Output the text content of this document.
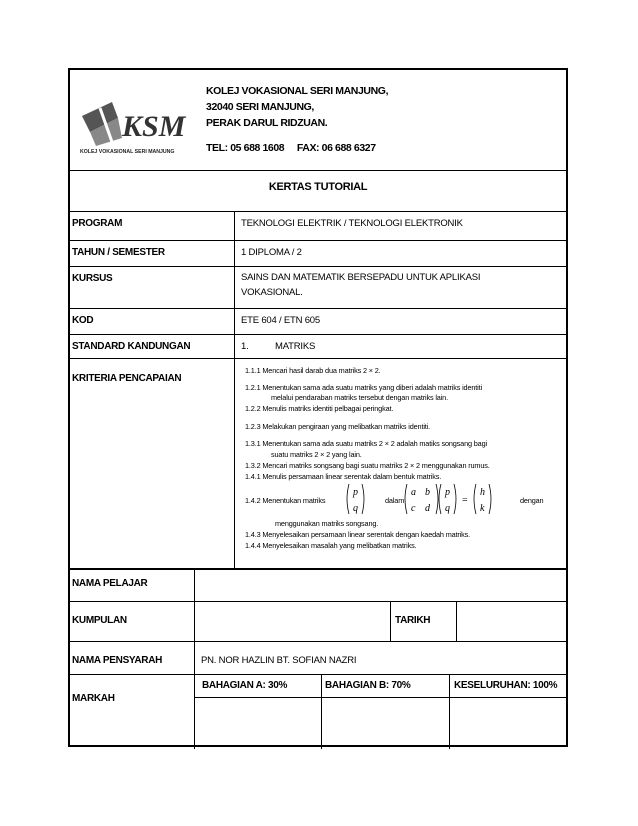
KSM
KOLEJ VOKASIONAL SERI MANJUNG
KOLEJ VOKASIONAL SERI MANJUNG,
32040 SERI MANJUNG,
PERAK DARUL RIDZUAN.
TEL: 05 688 1608     FAX: 06 688 6327
KERTAS TUTORIAL
PROGRAM	TEKNOLOGI ELEKTRIK / TEKNOLOGI ELEKTRONIK
TAHUN / SEMESTER	1 DIPLOMA / 2
KURSUS	SAINS DAN MATEMATIK BERSEPADU UNTUK APLIKASI
VOKASIONAL.
KOD	ETE 604 / ETN 605
STANDARD KANDUNGAN	1.	MATRIKS
KRITERIA PENCAPAIAN
1.1.1 Mencari hasil darab dua matriks 2 × 2.
1.2.1 Menentukan sama ada suatu matriks yang diberi adalah matriks identiti
melalui pendaraban matriks tersebut dengan matriks lain.
1.2.2 Menulis matriks identiti pelbagai peringkat.
1.2.3 Melakukan pengiraan yang melibatkan matriks identiti.
1.3.1 Menentukan sama ada suatu matriks 2 × 2 adalah matiks songsang bagi
suatu matriks 2 × 2 yang lain.
1.3.2 Mencari matriks songsang bagi suatu matriks 2 × 2 menggunakan rumus.
1.4.1 Menulis persamaan linear serentak dalam bentuk matriks.
1.4.2 Menentukan matriks	dalam	dengan
menggunakan matriks songsang.
1.4.3 Menyelesaikan persamaan linear serentak dengan kaedah matriks.
1.4.4 Menyelesaikan masalah yang melibatkan matriks.
p
q
a b
c d
p
q
=
h
k
NAMA PELAJAR
KUMPULAN	TARIKH
NAMA PENSYARAH	PN. NOR HAZLIN BT. SOFIAN NAZRI
MARKAH
BAHAGIAN A: 30%	BAHAGIAN B: 70%	KESELURUHAN: 100%
